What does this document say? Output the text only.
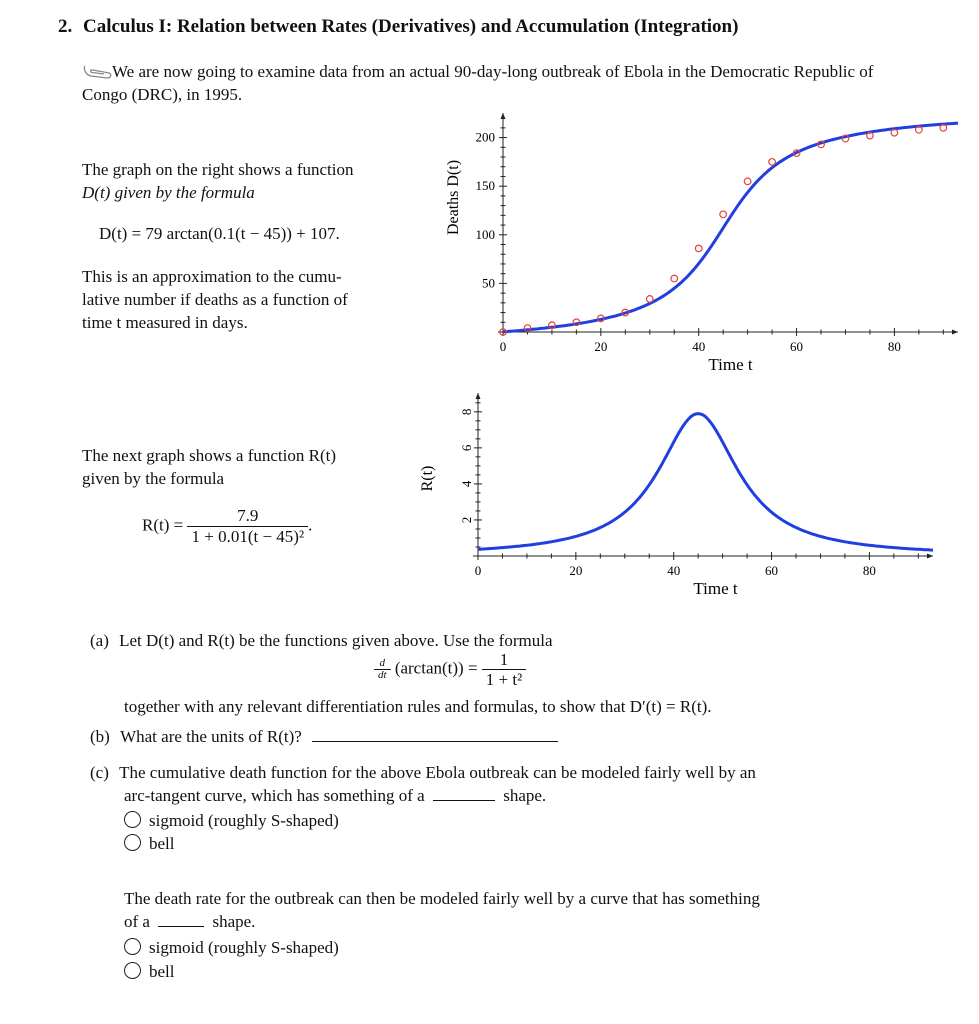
2. Calculus I: Relation between Rates (Derivatives) and Accumulation (Integration)
We are now going to examine data from an actual 90-day-long outbreak of Ebola in the Democratic Republic of Congo (DRC), in 1995.
The graph on the right shows a function
D(t) given by the formula
D(t) = 79 arctan(0.1(t − 45)) + 107.
This is an approximation to the cumu-
lative number if deaths as a function of
time t measured in days.
0	20	40	60	80
50
100
150
200
Time t
Deaths D(t)
The next graph shows a function R(t)
given by the formula
$R(t) = \frac{7.9}{\text{1 + 0.01(t − 45)²}}$ .
0	20	40	60	80
2
4
6
8
Time t
R(t)
(a) Let D(t) and R(t) be the functions given above. Use the formula
$\frac{d}{dt} (\arctan(t)) = \frac{1}{\text{1 + t²}}$
together with any relevant differentiation rules and formulas, to show that D′(t) = R(t).
(b) What are the units of R(t)?
(c) The cumulative death function for the above Ebola outbreak can be modeled fairly well by an
arc-tangent curve, which has something of a	shape.
sigmoid (roughly S-shaped)
bell
The death rate for the outbreak can then be modeled fairly well by a curve that has something
of a	shape.
sigmoid (roughly S-shaped)
bell
